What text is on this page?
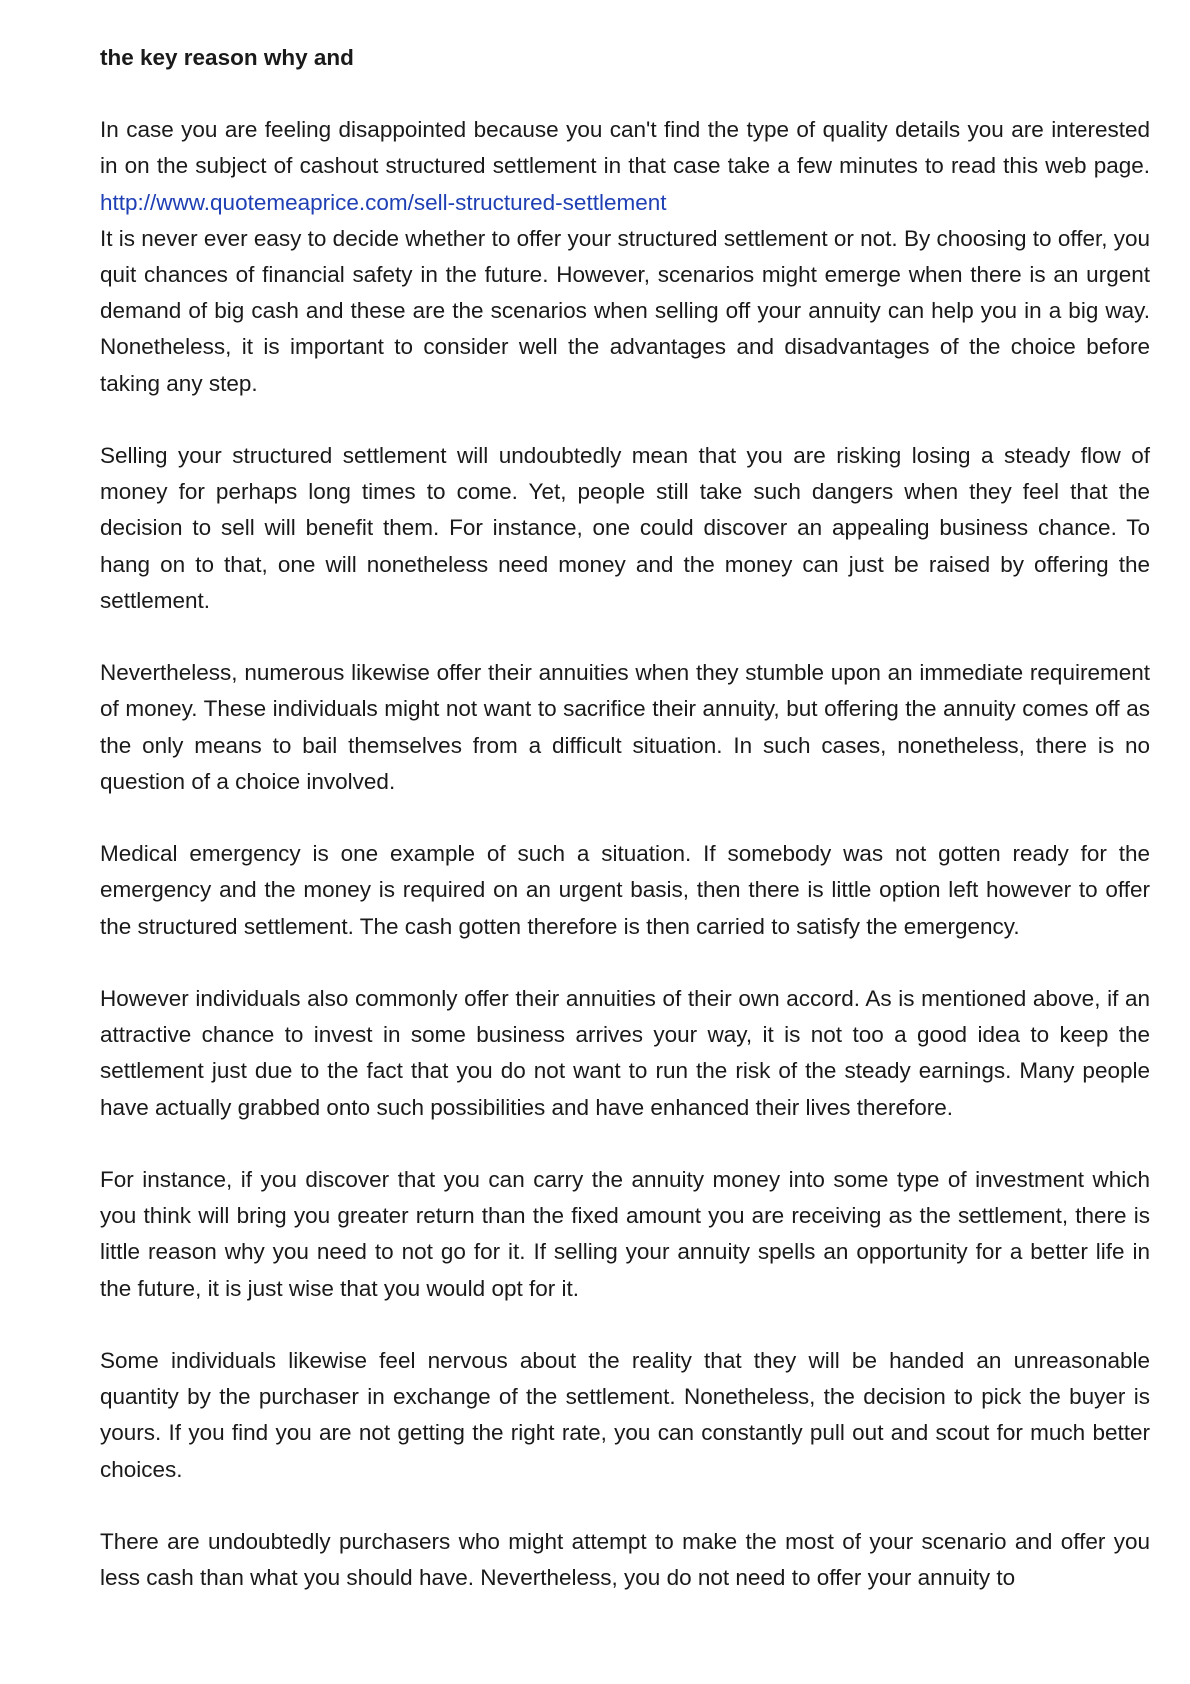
the key reason why and

In case you are feeling disappointed because you can't find the type of quality details you are interested in on the subject of cashout structured settlement in that case take a few minutes to read this web page. http://www.quotemeaprice.com/sell-structured-settlement

It is never ever easy to decide whether to offer your structured settlement or not. By choosing to offer, you quit chances of financial safety in the future. However, scenarios might emerge when there is an urgent demand of big cash and these are the scenarios when selling off your annuity can help you in a big way. Nonetheless, it is important to consider well the advantages and disadvantages of the choice before taking any step.

Selling your structured settlement will undoubtedly mean that you are risking losing a steady flow of money for perhaps long times to come. Yet, people still take such dangers when they feel that the decision to sell will benefit them. For instance, one could discover an appealing business chance. To hang on to that, one will nonetheless need money and the money can just be raised by offering the settlement.

Nevertheless, numerous likewise offer their annuities when they stumble upon an immediate requirement of money. These individuals might not want to sacrifice their annuity, but offering the annuity comes off as the only means to bail themselves from a difficult situation. In such cases, nonetheless, there is no question of a choice involved.

Medical emergency is one example of such a situation. If somebody was not gotten ready for the emergency and the money is required on an urgent basis, then there is little option left however to offer the structured settlement. The cash gotten therefore is then carried to satisfy the emergency.

However individuals also commonly offer their annuities of their own accord. As is mentioned above, if an attractive chance to invest in some business arrives your way, it is not too a good idea to keep the settlement just due to the fact that you do not want to run the risk of the steady earnings. Many people have actually grabbed onto such possibilities and have enhanced their lives therefore.

For instance, if you discover that you can carry the annuity money into some type of investment which you think will bring you greater return than the fixed amount you are receiving as the settlement, there is little reason why you need to not go for it. If selling your annuity spells an opportunity for a better life in the future, it is just wise that you would opt for it.

Some individuals likewise feel nervous about the reality that they will be handed an unreasonable quantity by the purchaser in exchange of the settlement. Nonetheless, the decision to pick the buyer is yours. If you find you are not getting the right rate, you can constantly pull out and scout for much better choices.

There are undoubtedly purchasers who might attempt to make the most of your scenario and offer you less cash than what you should have. Nevertheless, you do not need to offer your annuity to
